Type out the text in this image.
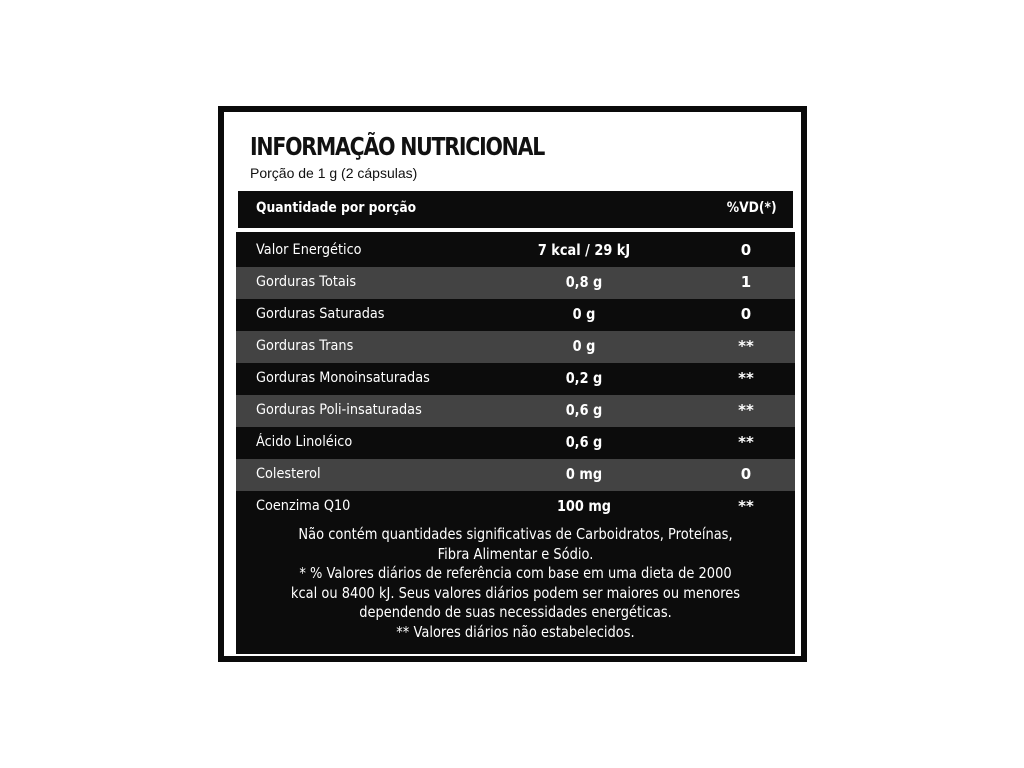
INFORMAÇÃO NUTRICIONAL

Porção de 1 g (2 cápsulas)

Quantidade por porção	%VD(*)
Valor Energético	7 kcal / 29 kJ	0
Gorduras Totais	0,8 g	1
Gorduras Saturadas	0 g	0
Gorduras Trans	0 g	**
Gorduras Monoinsaturadas	0,2 g	**
Gorduras Poli-insaturadas	0,6 g	**
Ácido Linoléico	0,6 g	**
Colesterol	0 mg	0
Coenzima Q10	100 mg	**
Não contém quantidades significativas de Carboidratos, Proteínas,
Fibra Alimentar e Sódio.
* % Valores diários de referência com base em uma dieta de 2000
kcal ou 8400 kJ. Seus valores diários podem ser maiores ou menores
dependendo de suas necessidades energéticas.
** Valores diários não estabelecidos.
